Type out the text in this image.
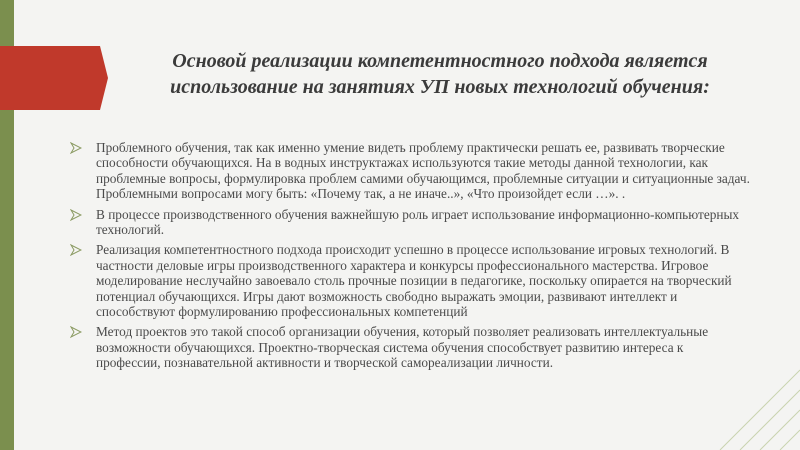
Основой реализации компетентностного подхода является
использование на занятиях УП новых технологий обучения:
Проблемного обучения, так как именно умение видеть проблему практически решать ее, развивать творческие способности обучающихся. На в водных инструктажах используются такие методы данной технологии, как проблемные вопросы, формулировка проблем самими обучающимся, проблемные ситуации и ситуационные задач. Проблемными вопросами могу быть: «Почему так, а не иначе..», «Что произойдет если …». .
В процессе производственного обучения важнейшую роль играет использование информационно-компьютерных технологий.
Реализация компетентностного подхода происходит успешно в процессе использование игровых технологий. В частности деловые игры производственного характера и конкурсы профессионального мастерства. Игровое моделирование неслучайно завоевало столь прочные позиции в педагогике, поскольку опирается на творческий потенциал обучающихся. Игры дают возможность свободно выражать эмоции, развивают интеллект и способствуют формулированию профессиональных компетенций
Метод проектов это такой способ организации обучения, который позволяет реализовать интеллектуальные возможности обучающихся. Проектно-творческая система обучения способствует развитию интереса к профессии, познавательной активности и творческой самореализации личности.
